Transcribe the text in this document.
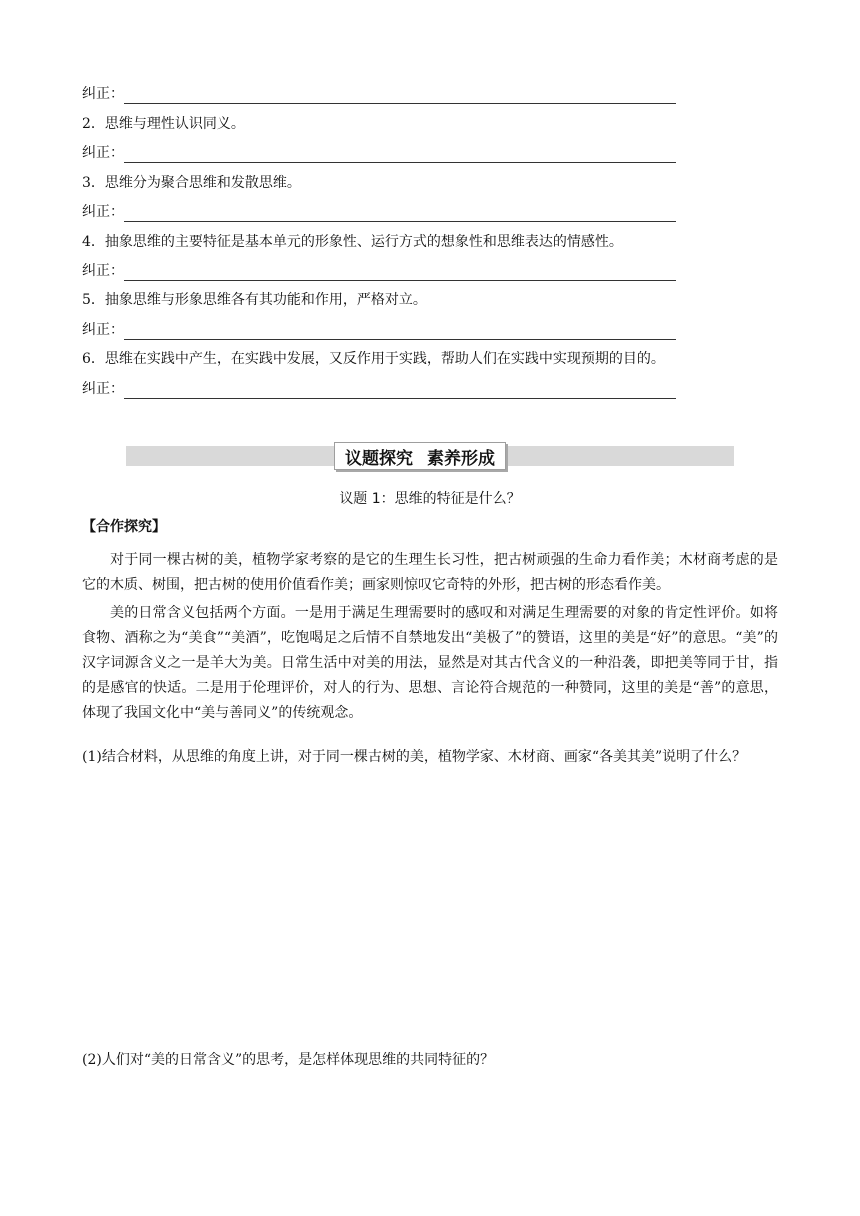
纠正：
2．思维与理性认识同义。
纠正：
3．思维分为聚合思维和发散思维。
纠正：
4．抽象思维的主要特征是基本单元的形象性、运行方式的想象性和思维表达的情感性。
纠正：
5．抽象思维与形象思维各有其功能和作用，严格对立。
纠正：
6．思维在实践中产生，在实践中发展，又反作用于实践，帮助人们在实践中实现预期的目的。
纠正：
议题探究 素养形成
议题 1：思维的特征是什么？
【合作探究】

对于同一棵古树的美，植物学家考察的是它的生理生长习性，把古树顽强的生命力看作美；木材商考虑的是它的木质、树围，把古树的使用价值看作美；画家则惊叹它奇特的外形，把古树的形态看作美。

美的日常含义包括两个方面。一是用于满足生理需要时的感叹和对满足生理需要的对象的肯定性评价。如将食物、酒称之为“美食”“美酒”，吃饱喝足之后情不自禁地发出“美极了”的赞语，这里的美是“好”的意思。“美”的汉字词源含义之一是羊大为美。日常生活中对美的用法，显然是对其古代含义的一种沿袭，即把美等同于甘，指的是感官的快适。二是用于伦理评价，对人的行为、思想、言论符合规范的一种赞同，这里的美是“善”的意思，体现了我国文化中“美与善同义”的传统观念。

(1)结合材料，从思维的角度上讲，对于同一棵古树的美，植物学家、木材商、画家“各美其美”说明了什么？

(2)人们对“美的日常含义”的思考，是怎样体现思维的共同特征的？
